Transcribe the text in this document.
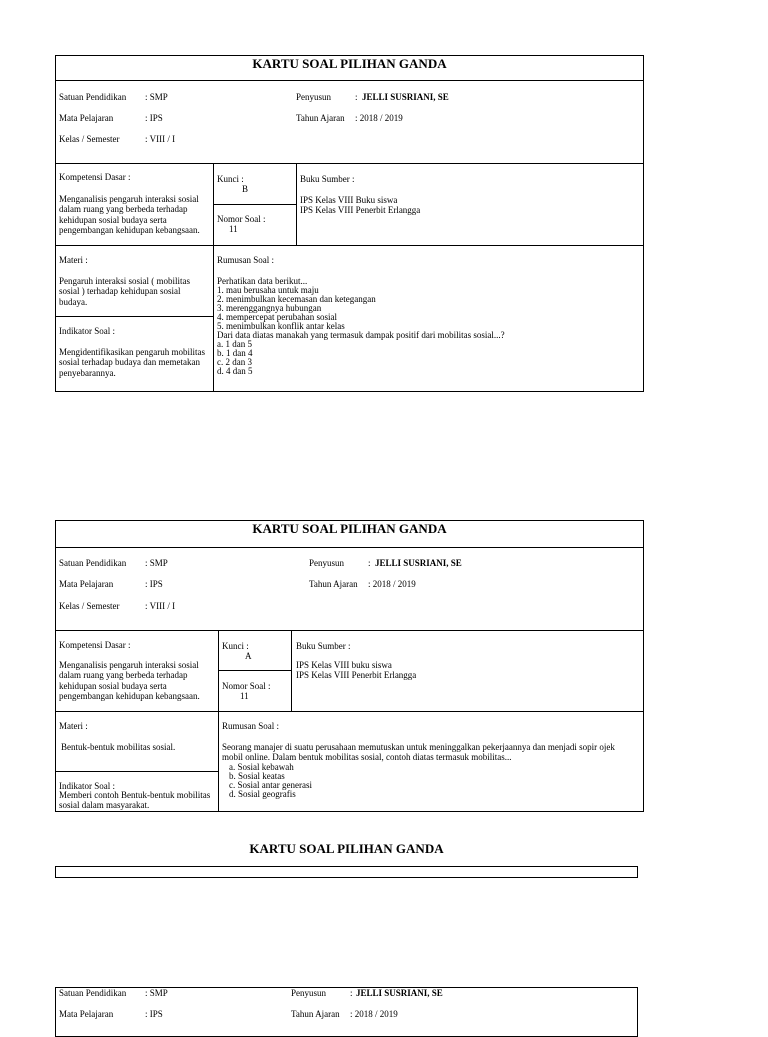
KARTU SOAL PILIHAN GANDA
Satuan Pendidikan : SMP
Mata Pelajaran	: IPS
Kelas / Semester	: VIII / I
Penyusun	: JELLI SUSRIANI, SE
Tahun Ajaran : 2018 / 2019
Kompetensi Dasar :
Menganalisis pengaruh interaksi sosial dalam ruang yang berbeda terhadap kehidupan sosial budaya serta pengembangan kehidupan kebangsaan.
Kunci :
B
Nomor Soal :
11
Buku Sumber :
IPS Kelas VIII Buku siswa
IPS Kelas VIII Penerbit Erlangga
Materi :
Pengaruh interaksi sosial ( mobilitas sosial ) terhadap kehidupan sosial budaya.
Indikator Soal :
Mengidentifikasikan pengaruh mobilitas sosial terhadap budaya dan memetakan penyebarannya.
Rumusan Soal :
Perhatikan data berikut...
1. mau berusaha untuk maju
2. menimbulkan kecemasan dan ketegangan
3. merenggangnya hubungan
4. mempercepat perubahan sosial
5. menimbulkan konflik antar kelas
Dari data diatas manakah yang termasuk dampak positif dari mobilitas sosial...?
a. 1 dan 5
b. 1 dan 4
c. 2 dan 3
d. 4 dan 5
KARTU SOAL PILIHAN GANDA
Satuan Pendidikan : SMP
Mata Pelajaran	: IPS
Kelas / Semester	: VIII / I
Penyusun	: JELLI SUSRIANI, SE
Tahun Ajaran : 2018 / 2019
Kompetensi Dasar :
Menganalisis pengaruh interaksi sosial dalam ruang yang berbeda terhadap kehidupan sosial budaya serta pengembangan kehidupan kebangsaan.
Kunci :
A
Nomor Soal :
11
Buku Sumber :
IPS Kelas VIII buku siswa
IPS Kelas VIII Penerbit Erlangga
Materi :
Bentuk-bentuk mobilitas sosial.
Indikator Soal :
Memberi contoh Bentuk-bentuk mobilitas sosial dalam masyarakat.
Rumusan Soal :
Seorang manajer di suatu perusahaan memutuskan untuk meninggalkan pekerjaannya dan menjadi sopir ojek mobil online. Dalam bentuk mobilitas sosial, contoh diatas termasuk mobilitas...
a. Sosial kebawah
b. Sosial keatas
c. Sosial antar generasi
d. Sosial geografis
KARTU SOAL PILIHAN GANDA
Satuan Pendidikan : SMP
Mata Pelajaran	: IPS
Penyusun	: JELLI SUSRIANI, SE
Tahun Ajaran : 2018 / 2019
